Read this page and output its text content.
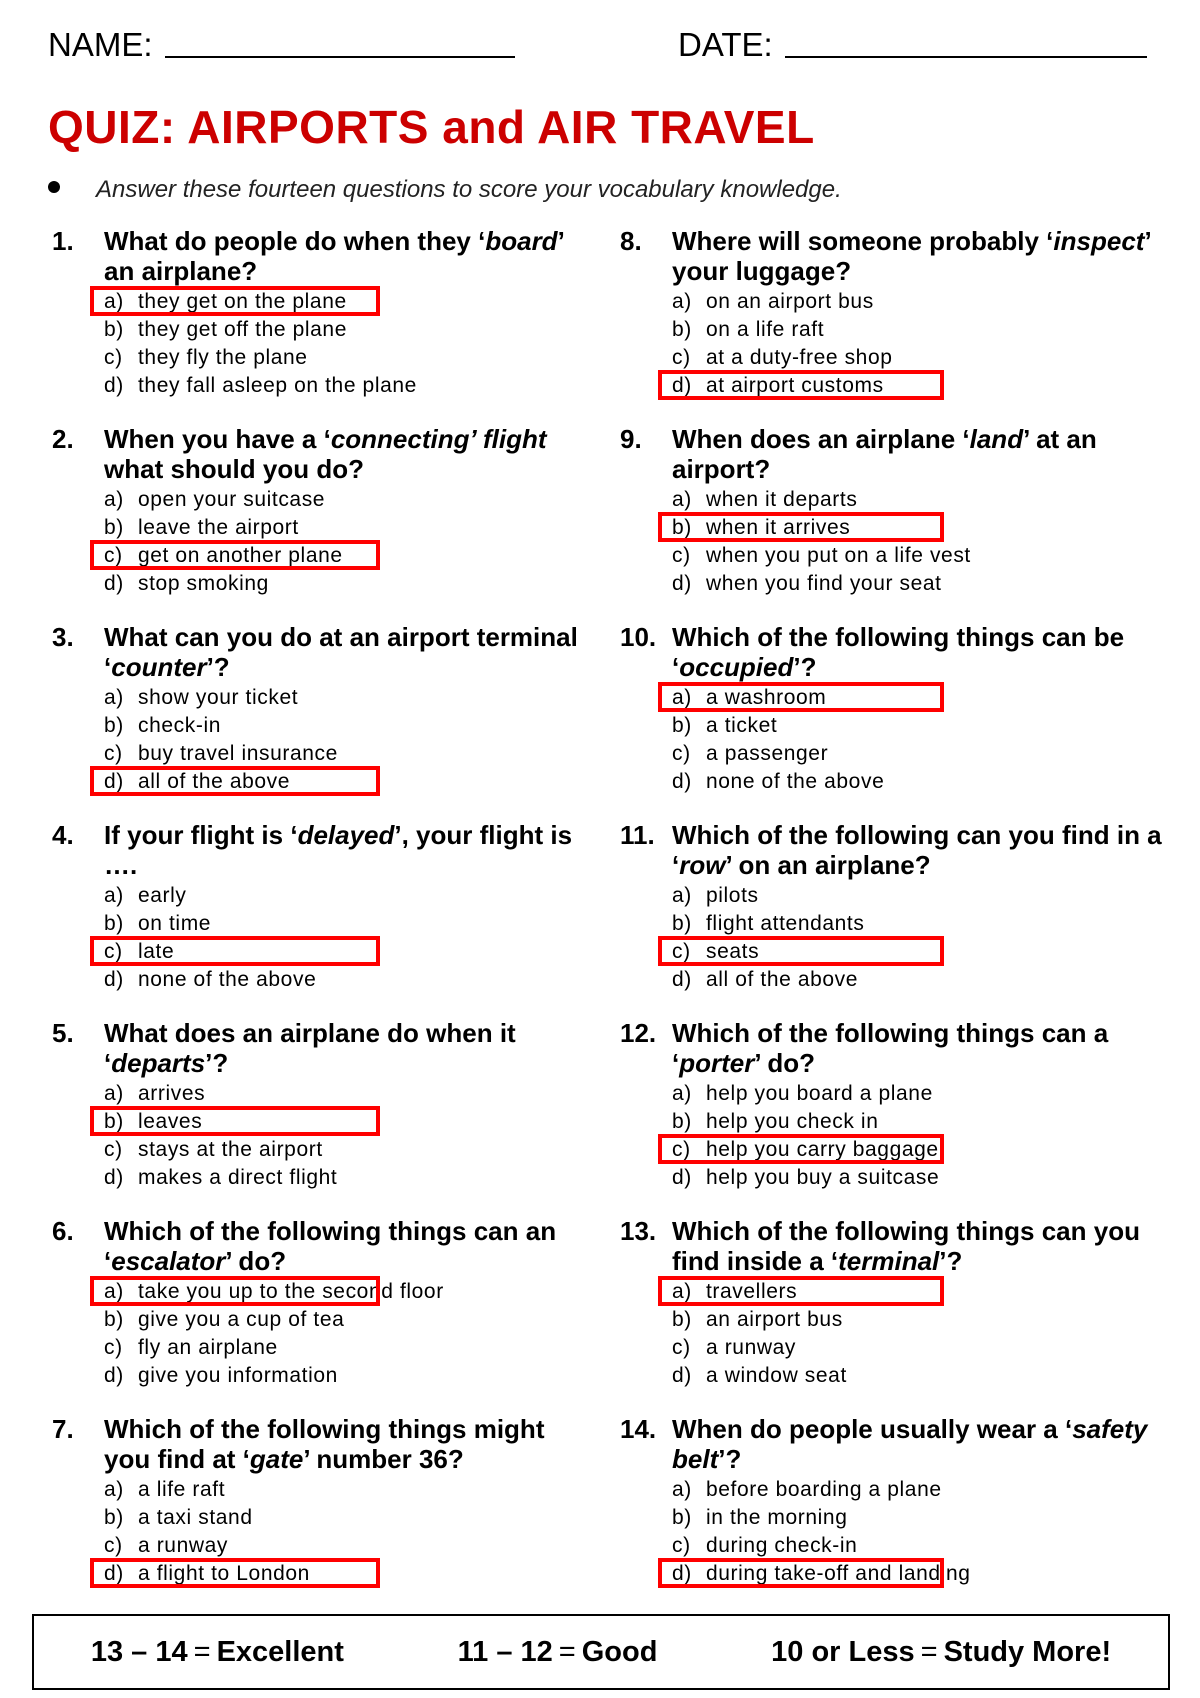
NAME:	DATE:
QUIZ: AIRPORTS and AIR TRAVEL
Answer these fourteen questions to score your vocabulary knowledge.
1. What do people do when they ‘board’ an airplane?
a) they get on the plane
b) they get off the plane
c) they fly the plane
d) they fall asleep on the plane
2. When you have a ‘connecting’ flight what should you do?
a) open your suitcase
b) leave the airport
c) get on another plane
d) stop smoking
3. What can you do at an airport terminal ‘counter’?
a) show your ticket
b) check-in
c) buy travel insurance
d) all of the above
4. If your flight is ‘delayed’, your flight is ….
a) early
b) on time
c) late
d) none of the above
5. What does an airplane do when it ‘departs’?
a) arrives
b) leaves
c) stays at the airport
d) makes a direct flight
6. Which of the following things can an ‘escalator’ do?
a) take you up to the second floor
b) give you a cup of tea
c) fly an airplane
d) give you information
7. Which of the following things might you find at ‘gate’ number 36?
a) a life raft
b) a taxi stand
c) a runway
d) a flight to London
8. Where will someone probably ‘inspect’ your luggage?
a) on an airport bus
b) on a life raft
c) at a duty-free shop
d) at airport customs
9. When does an airplane ‘land’ at an airport?
a) when it departs
b) when it arrives
c) when you put on a life vest
d) when you find your seat
10. Which of the following things can be ‘occupied’?
a) a washroom
b) a ticket
c) a passenger
d) none of the above
11. Which of the following can you find in a ‘row’ on an airplane?
a) pilots
b) flight attendants
c) seats
d) all of the above
12. Which of the following things can a ‘porter’ do?
a) help you board a plane
b) help you check in
c) help you carry baggage
d) help you buy a suitcase
13. Which of the following things can you find inside a ‘terminal’?
a) travellers
b) an airport bus
c) a runway
d) a window seat
14. When do people usually wear a ‘safety belt’?
a) before boarding a plane
b) in the morning
c) during check-in
d) during take-off and landing
13 – 14 = Excellent	11 – 12 = Good	10 or Less = Study More!
